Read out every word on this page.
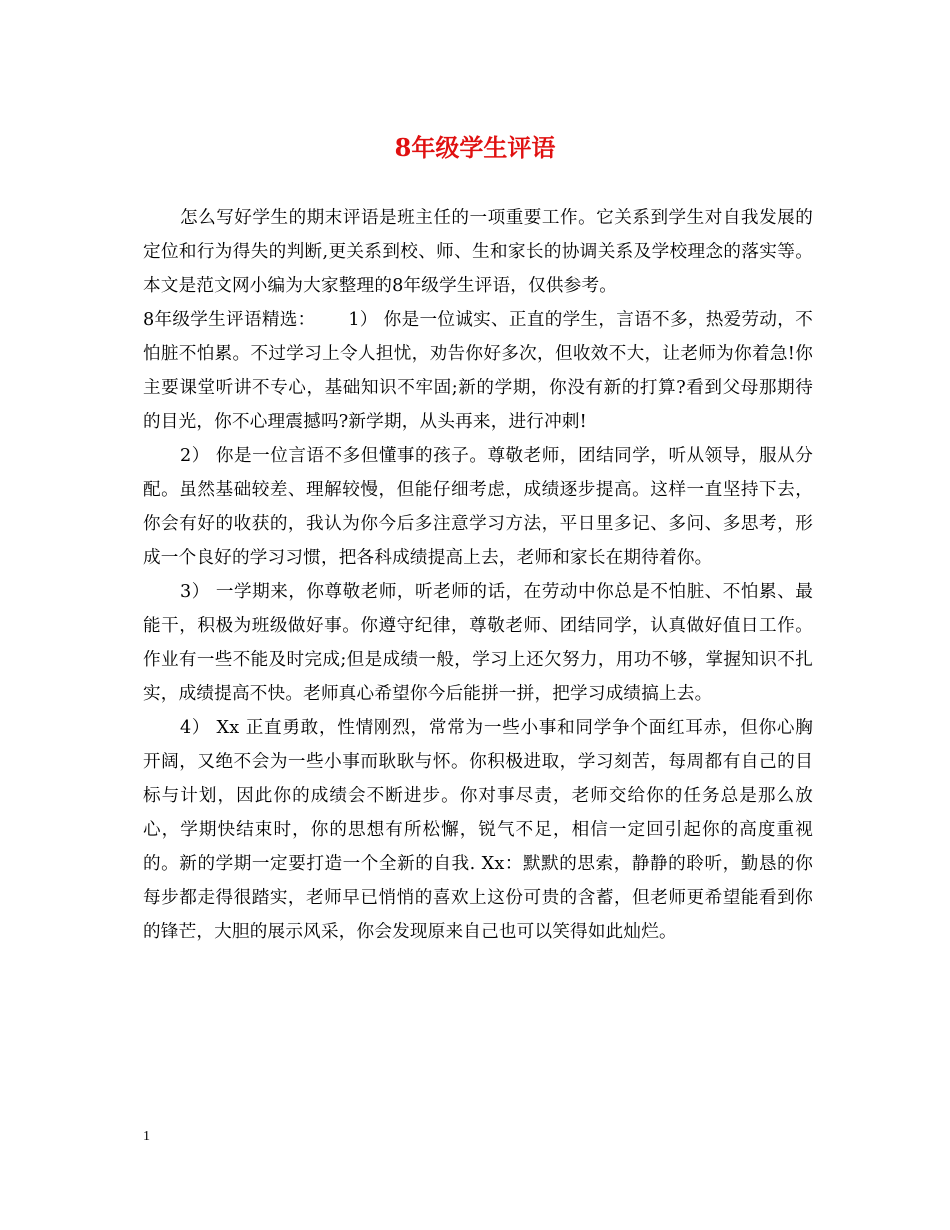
8年级学生评语

怎么写好学生的期末评语是班主任的一项重要工作。它关系到学生对自我发展的定位和行为得失的判断,更关系到校、师、生和家长的协调关系及学校理念的落实等。本文是范文网小编为大家整理的8年级学生评语，仅供参考。

8年级学生评语精选：　　 1） 你是一位诚实、正直的学生，言语不多，热爱劳动，不怕脏不怕累。不过学习上令人担忧，劝告你好多次，但收效不大，让老师为你着急!你主要课堂听讲不专心，基础知识不牢固;新的学期，你没有新的打算?看到父母那期待的目光，你不心理震撼吗?新学期，从头再来，进行冲刺!

2） 你是一位言语不多但懂事的孩子。尊敬老师，团结同学，听从领导，服从分配。虽然基础较差、理解较慢，但能仔细考虑，成绩逐步提高。这样一直坚持下去，你会有好的收获的，我认为你今后多注意学习方法，平日里多记、多问、多思考，形成一个良好的学习习惯，把各科成绩提高上去，老师和家长在期待着你。

3） 一学期来，你尊敬老师，听老师的话，在劳动中你总是不怕脏、不怕累、最能干，积极为班级做好事。你遵守纪律，尊敬老师、团结同学，认真做好值日工作。作业有一些不能及时完成;但是成绩一般，学习上还欠努力，用功不够，掌握知识不扎实，成绩提高不快。老师真心希望你今后能拼一拼，把学习成绩搞上去。

4） Xx 正直勇敢，性情刚烈，常常为一些小事和同学争个面红耳赤，但你心胸开阔，又绝不会为一些小事而耿耿与怀。你积极进取，学习刻苦，每周都有自己的目标与计划，因此你的成绩会不断进步。你对事尽责，老师交给你的任务总是那么放心，学期快结束时，你的思想有所松懈，锐气不足，相信一定回引起你的高度重视的。新的学期一定要打造一个全新的自我. Xx：默默的思索，静静的聆听，勤恳的你每步都走得很踏实，老师早已悄悄的喜欢上这份可贵的含蓄，但老师更希望能看到你的锋芒，大胆的展示风采，你会发现原来自己也可以笑得如此灿烂。

1
